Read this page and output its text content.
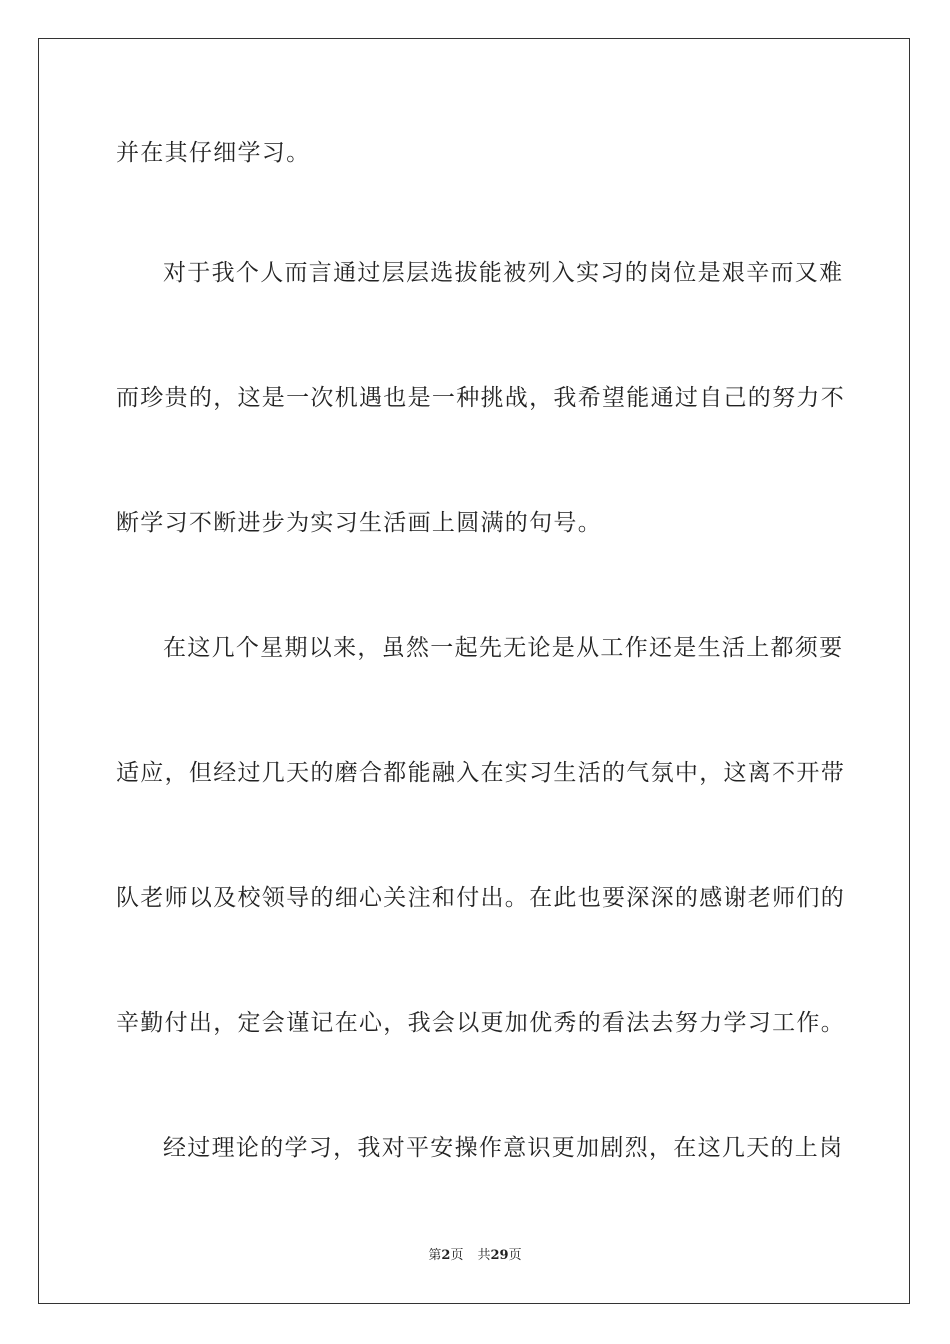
并在其仔细学习。
对于我个人而言通过层层选拔能被列入实习的岗位是艰辛而又难
而珍贵的，这是一次机遇也是一种挑战，我希望能通过自己的努力不
断学习不断进步为实习生活画上圆满的句号。
在这几个星期以来，虽然一起先无论是从工作还是生活上都须要
适应，但经过几天的磨合都能融入在实习生活的气氛中，这离不开带
队老师以及校领导的细心关注和付出。在此也要深深的感谢老师们的
辛勤付出，定会谨记在心，我会以更加优秀的看法去努力学习工作。
经过理论的学习，我对平安操作意识更加剧烈，在这几天的上岗
第2页 共29页
